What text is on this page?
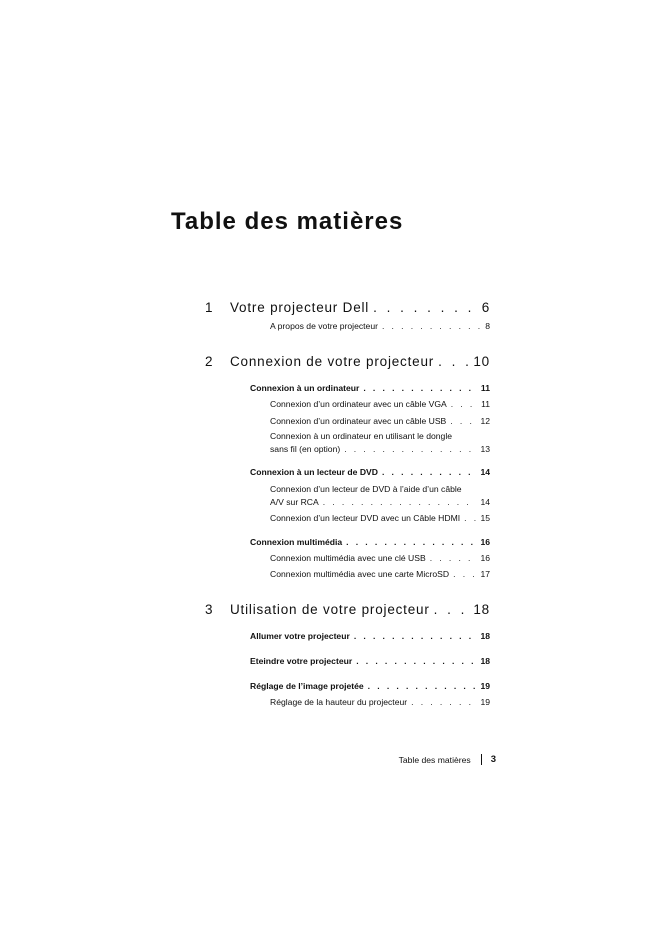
Table des matières
1	Votre projecteur Dell . . .	6
A propos de votre projecteur . . .	8
2	Connexion de votre projecteur . . .	10
Connexion à un ordinateur . . .	11
Connexion d’un ordinateur avec un câble VGA . . .	11
Connexion d’un ordinateur avec un câble USB . . .	12
Connexion à un ordinateur en utilisant le dongle
sans fil (en option) . . .	13
Connexion à un lecteur de DVD . . .	14
Connexion d’un lecteur de DVD à l’aide d’un câble
A/V sur RCA . . .	14
Connexion d’un lecteur DVD avec un Câble HDMI . . . 15
Connexion multimédia . . .	16
Connexion multimédia avec une clé USB . . .	16
Connexion multimédia avec une carte MicroSD . . .	17
3	Utilisation de votre projecteur . . .	18
Allumer votre projecteur . . .	18
Eteindre votre projecteur . . .	18
Réglage de l’image projetée . . .	19
Réglage de la hauteur du projecteur . . .	19
Table des matières 3
